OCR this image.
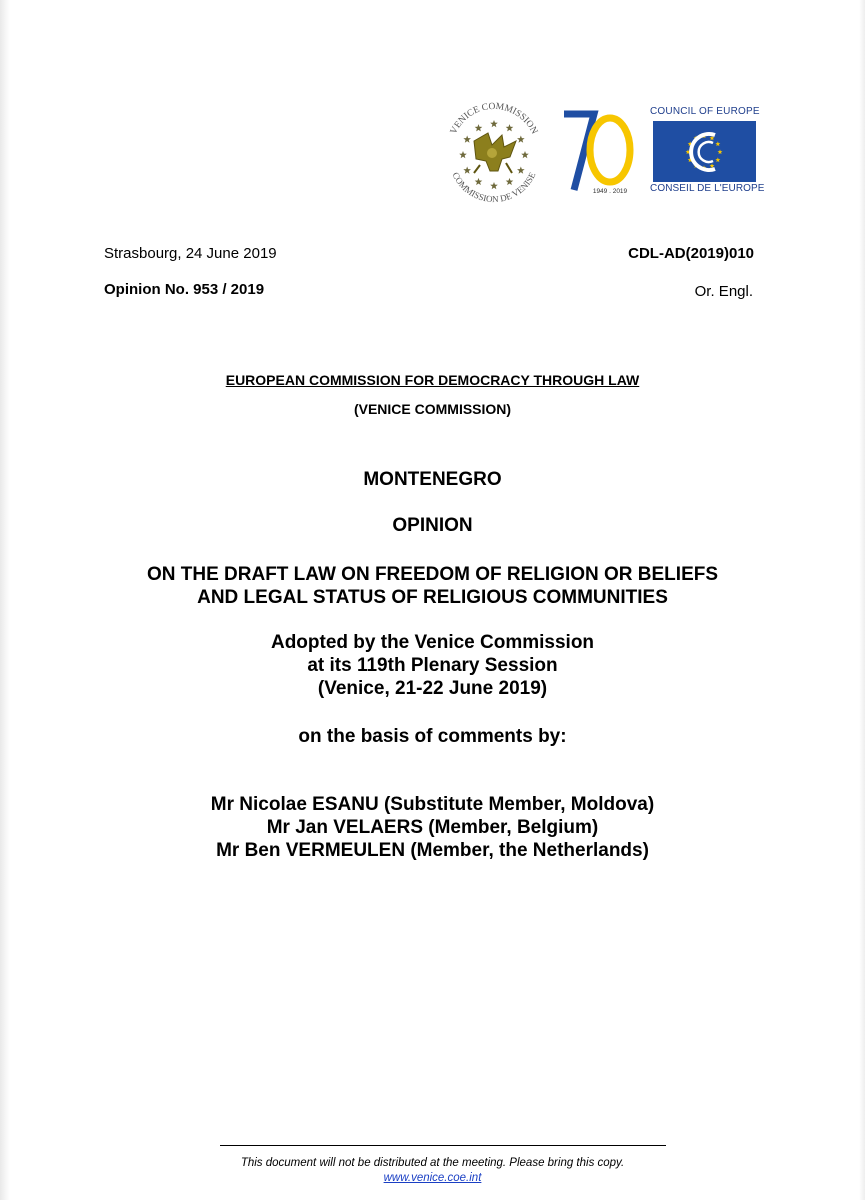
VENICE COMMISSION
COMMISSION DE VENISE
1949 . 2019
COUNCIL OF EUROPE
CONSEIL DE L'EUROPE
Strasbourg, 24 June 2019	CDL-AD(2019)010
Opinion No. 953 / 2019	Or. Engl.
EUROPEAN COMMISSION FOR DEMOCRACY THROUGH LAW
(VENICE COMMISSION)
MONTENEGRO
OPINION
ON THE DRAFT LAW ON FREEDOM OF RELIGION OR BELIEFS
AND LEGAL STATUS OF RELIGIOUS COMMUNITIES
Adopted by the Venice Commission
at its 119th Plenary Session
(Venice, 21-22 June 2019)
on the basis of comments by:
Mr Nicolae ESANU (Substitute Member, Moldova)
Mr Jan VELAERS (Member, Belgium)
Mr Ben VERMEULEN (Member, the Netherlands)
This document will not be distributed at the meeting. Please bring this copy.
www.venice.coe.int
